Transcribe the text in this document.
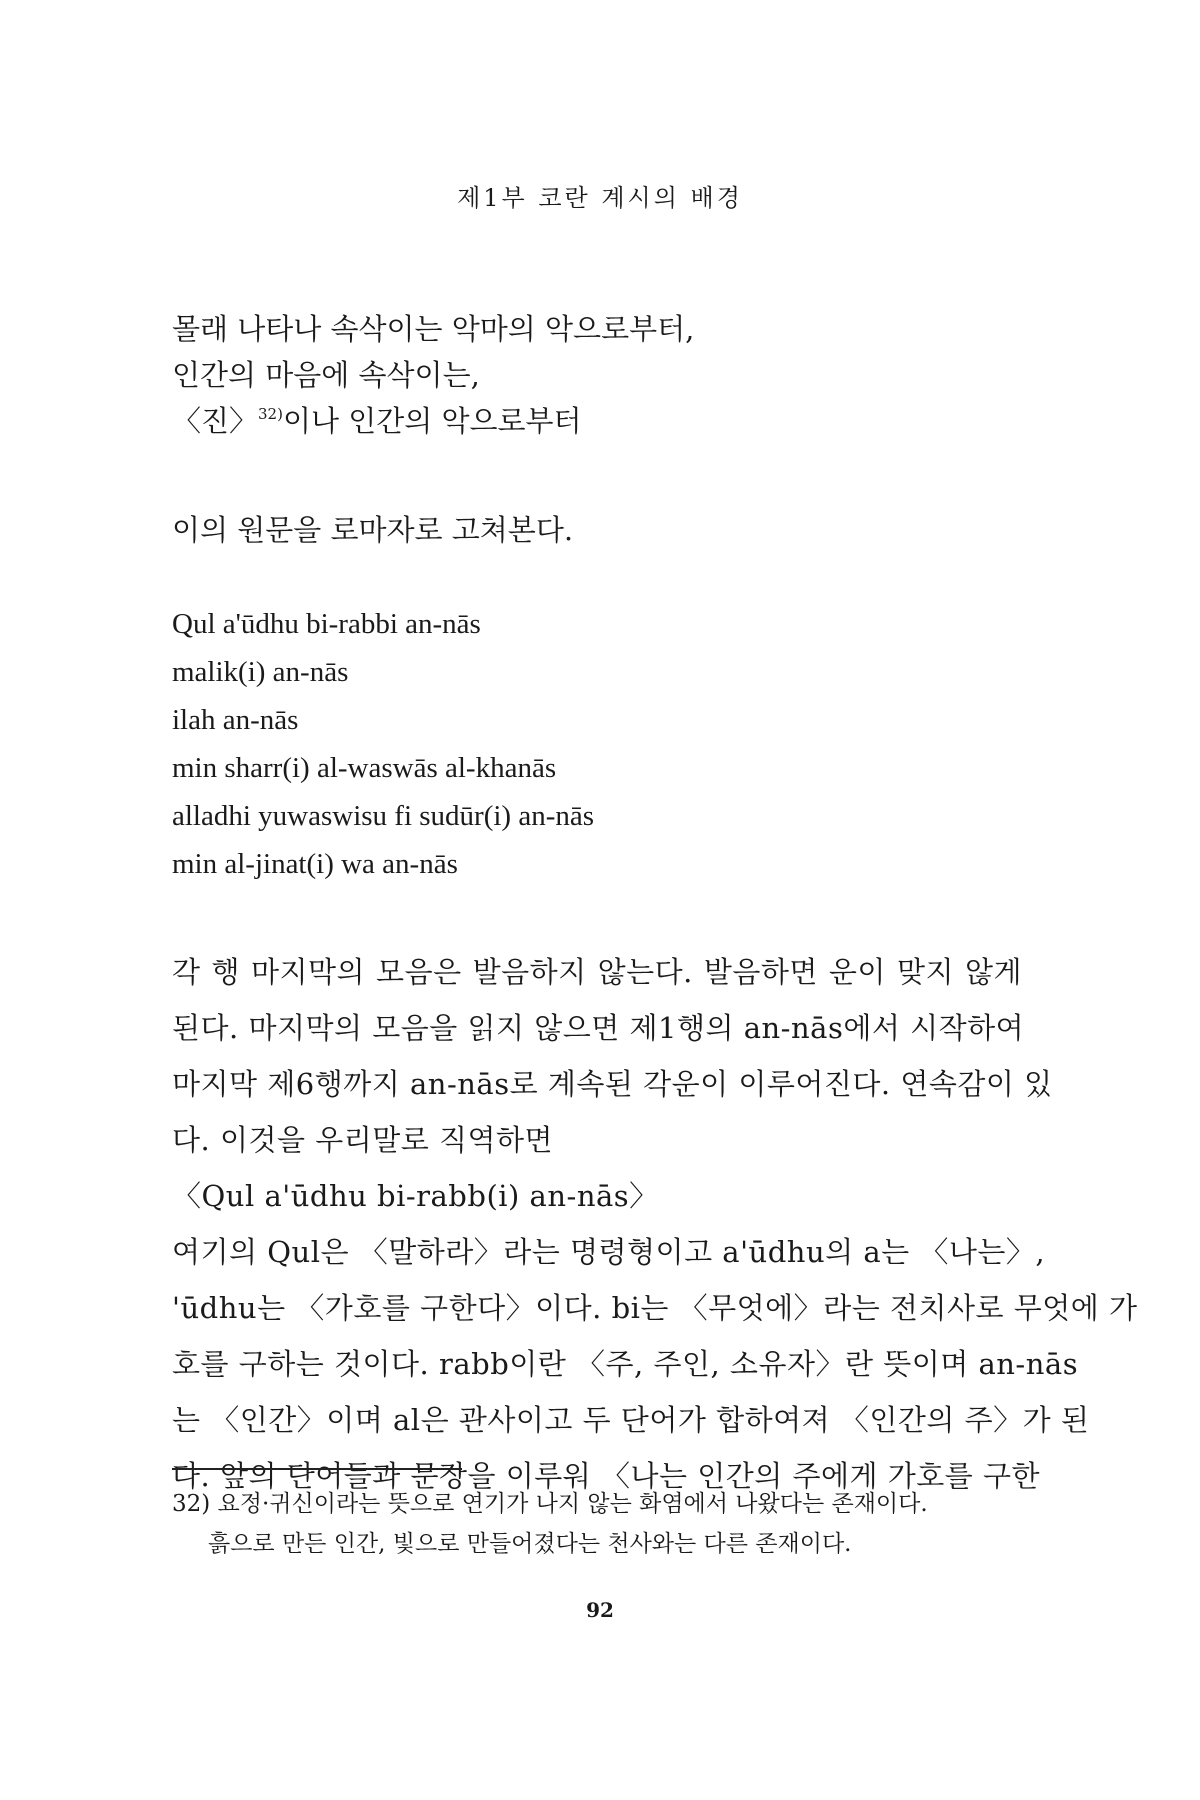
제1부 코란 계시의 배경
몰래 나타나 속삭이는 악마의 악으로부터,
인간의 마음에 속삭이는,
〈진〉$^{32)}$이나 인간의 악으로부터
이의 원문을 로마자로 고쳐본다.
Qul a'ūdhu bi-rabbi an-nās
malik(i) an-nās
ilah an-nās
min sharr(i) al-waswās al-khanās
alladhi yuwaswisu fi sudūr(i) an-nās
min al-jinat(i) wa an-nās
각 행 마지막의 모음은 발음하지 않는다. 발음하면 운이 맞지 않게
된다. 마지막의 모음을 읽지 않으면 제1행의 an-nās에서 시작하여
마지막 제6행까지 an-nās로 계속된 각운이 이루어진다. 연속감이 있
다. 이것을 우리말로 직역하면
〈Qul a'ūdhu bi-rabb(i) an-nās〉
여기의 Qul은 〈말하라〉라는 명령형이고 a'ūdhu의 a는 〈나는〉,
'ūdhu는 〈가호를 구한다〉이다. bi는 〈무엇에〉라는 전치사로 무엇에 가
호를 구하는 것이다. rabb이란 〈주, 주인, 소유자〉란 뜻이며 an-nās
는 〈인간〉이며 al은 관사이고 두 단어가 합하여져 〈인간의 주〉가 된
다. 앞의 단어들과 문장을 이루워 〈나는 인간의 주에게 가호를 구한
32) 요정·귀신이라는 뜻으로 연기가 나지 않는 화염에서 나왔다는 존재이다.
흙으로 만든 인간, 빛으로 만들어졌다는 천사와는 다른 존재이다.
92
